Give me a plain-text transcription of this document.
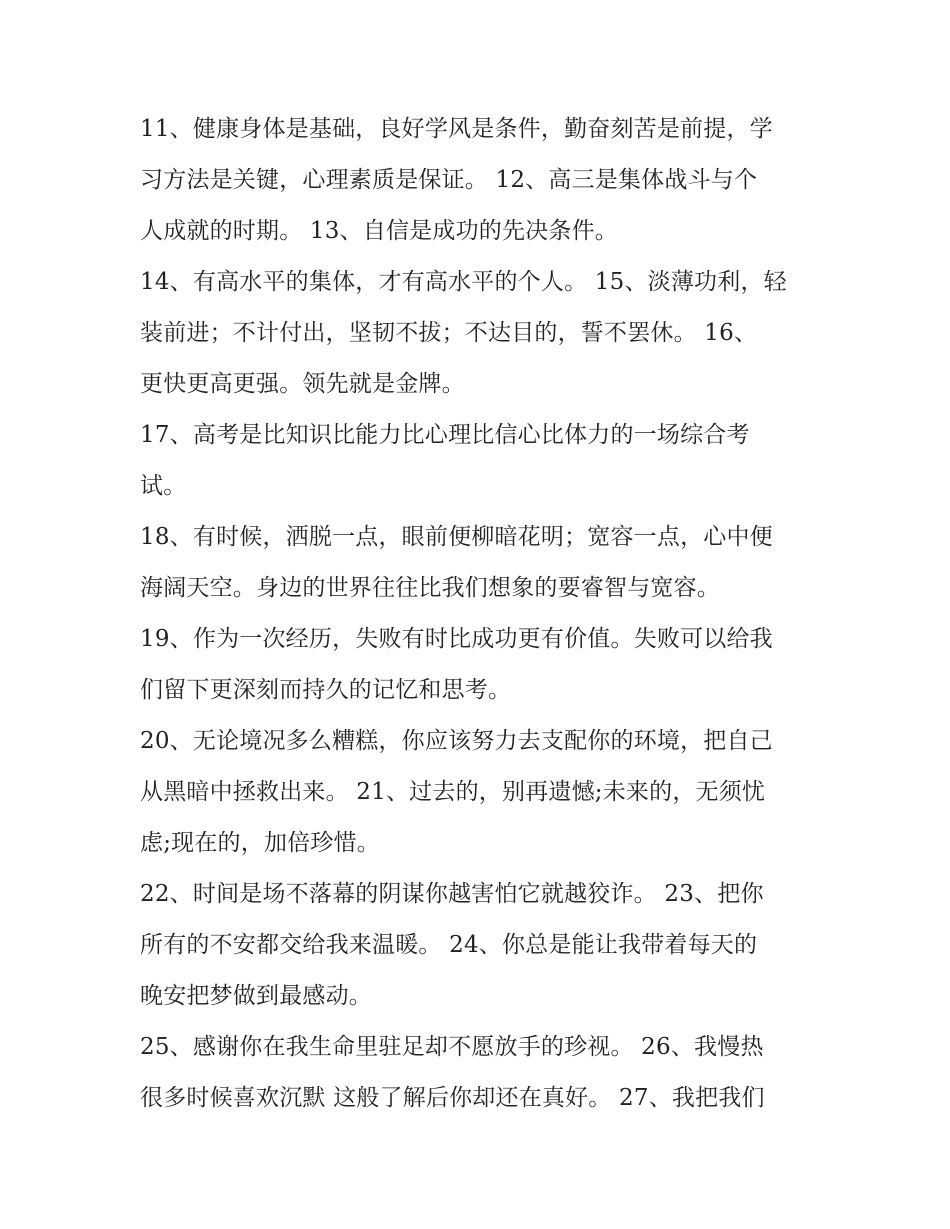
11、健康身体是基础，良好学风是条件，勤奋刻苦是前提，学
习方法是关键，心理素质是保证。 12、高三是集体战斗与个
人成就的时期。 13、自信是成功的先决条件。

14、有高水平的集体，才有高水平的个人。 15、淡薄功利，轻
装前进；不计付出，坚韧不拔；不达目的，誓不罢休。 16、
更快更高更强。领先就是金牌。

17、高考是比知识比能力比心理比信心比体力的一场综合考
试。

18、有时候，洒脱一点，眼前便柳暗花明；宽容一点，心中便
海阔天空。身边的世界往往比我们想象的要睿智与宽容。

19、作为一次经历，失败有时比成功更有价值。失败可以给我
们留下更深刻而持久的记忆和思考。

20、无论境况多么糟糕，你应该努力去支配你的环境，把自己
从黑暗中拯救出来。 21、过去的，别再遗憾;未来的，无须忧
虑;现在的，加倍珍惜。

22、时间是场不落幕的阴谋你越害怕它就越狡诈。 23、把你
所有的不安都交给我来温暖。 24、你总是能让我带着每天的
晚安把梦做到最感动。

25、感谢你在我生命里驻足却不愿放手的珍视。 26、我慢热
很多时候喜欢沉默 这般了解后你却还在真好。 27、我把我们
